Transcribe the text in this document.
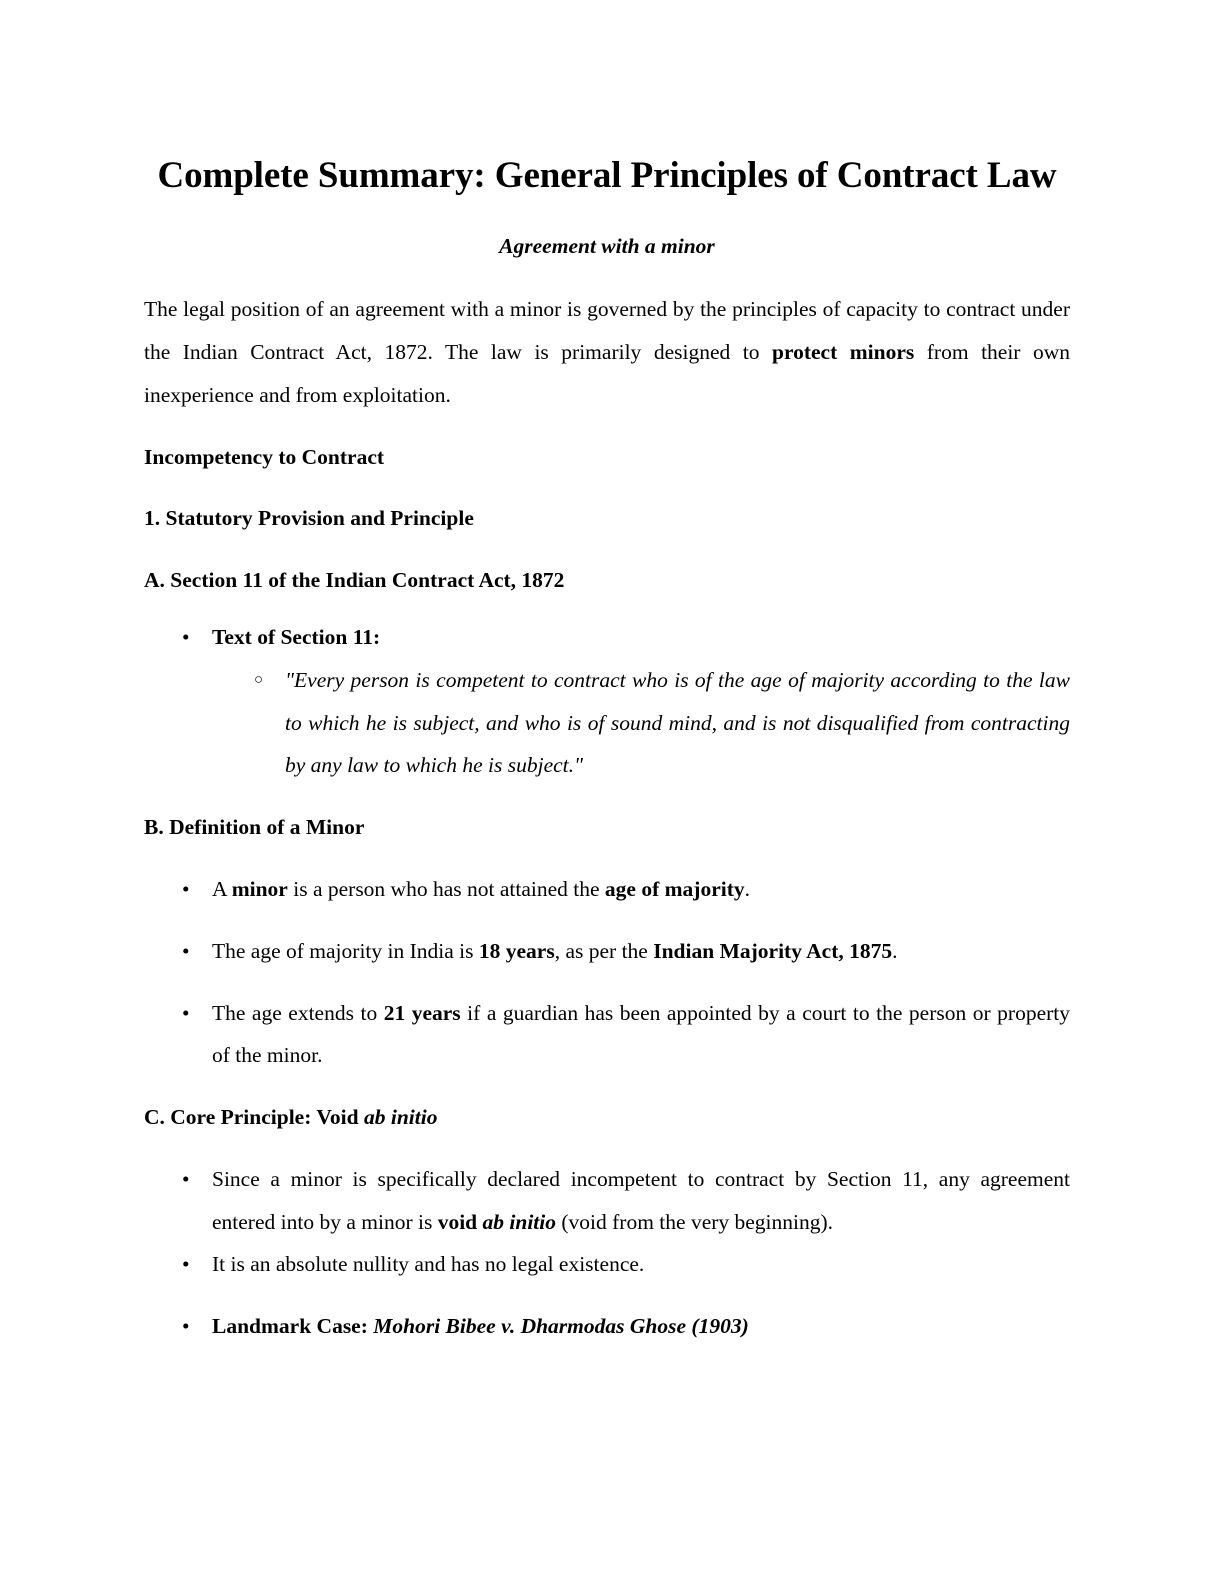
Complete Summary: General Principles of Contract Law
Agreement with a minor

The legal position of an agreement with a minor is governed by the principles of capacity to contract under the Indian Contract Act, 1872. The law is primarily designed to protect minors from their own inexperience and from exploitation.

Incompetency to Contract
1. Statutory Provision and Principle
A. Section 11 of the Indian Contract Act, 1872
• Text of Section 11:
○ "Every person is competent to contract who is of the age of majority according to the law to which he is subject, and who is of sound mind, and is not disqualified from contracting by any law to which he is subject."
B. Definition of a Minor
• A minor is a person who has not attained the age of majority.
• The age of majority in India is 18 years, as per the Indian Majority Act, 1875.
• The age extends to 21 years if a guardian has been appointed by a court to the person or property of the minor.
C. Core Principle: Void ab initio
• Since a minor is specifically declared incompetent to contract by Section 11, any agreement entered into by a minor is void ab initio (void from the very beginning).
• It is an absolute nullity and has no legal existence.
• Landmark Case: Mohori Bibee v. Dharmodas Ghose (1903)
